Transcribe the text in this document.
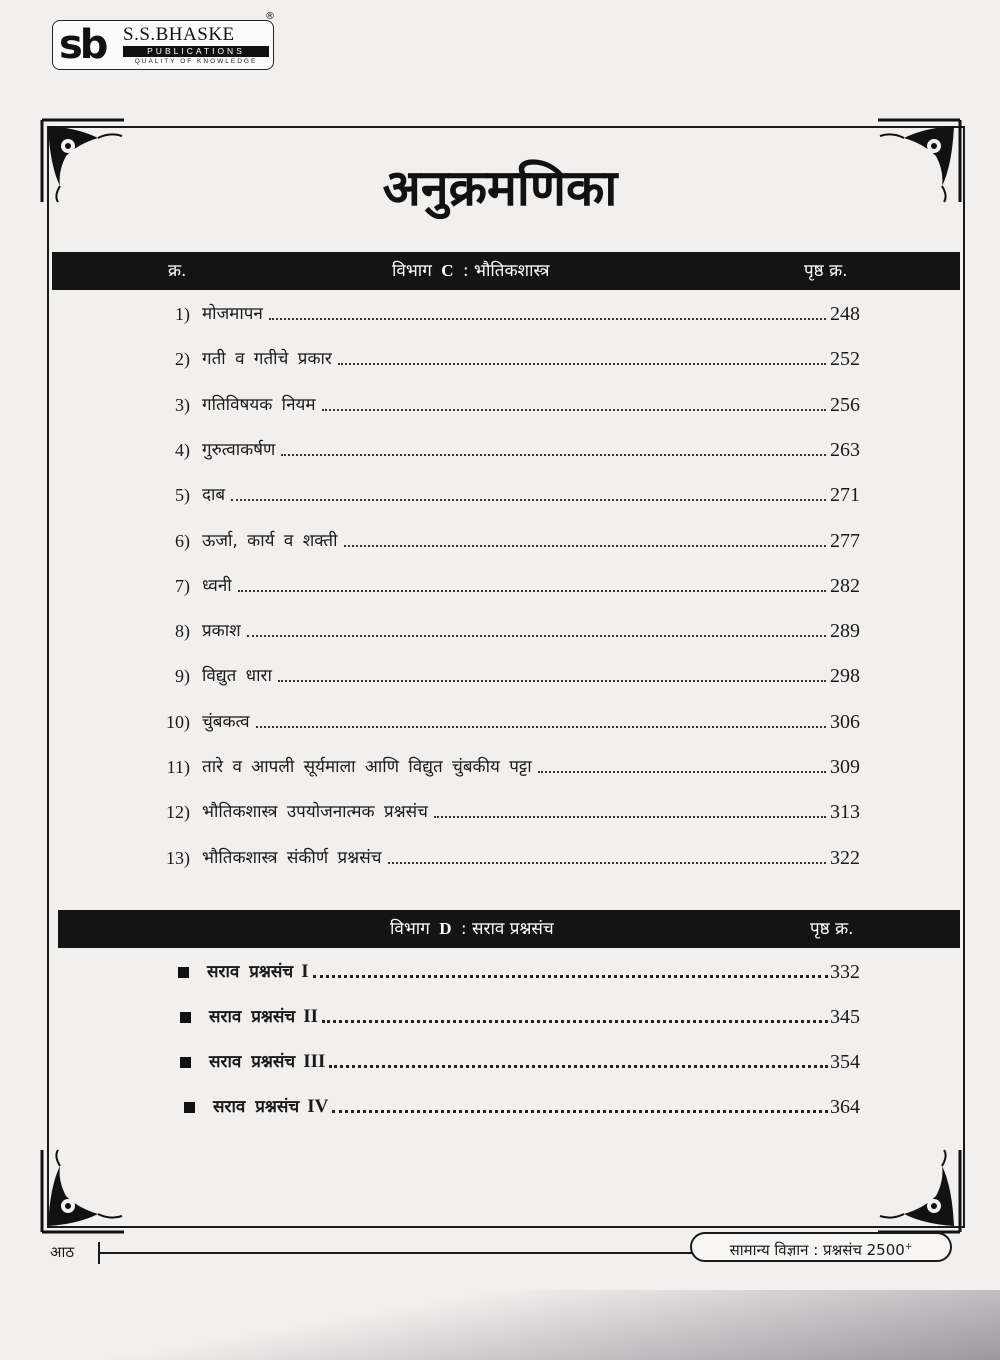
sb S.S.BHASKE
PUBLICATIONS
QUALITY OF KNOWLEDGE
®
अनुक्रमणिका
क्र.	विभाग C : भौतिकशास्त्र	पृष्ठ क्र.
1) मोजमापन	248
2) गती व गतीचे प्रकार	252
3) गतिविषयक नियम	256
4) गुरुत्वाकर्षण	263
5) दाब	271
6) ऊर्जा, कार्य व शक्ती	277
7) ध्वनी	282
8) प्रकाश	289
9) विद्युत धारा	298
10) चुंबकत्व	306
11) तारे व आपली सूर्यमाला आणि विद्युत चुंबकीय पट्टा	309
12) भौतिकशास्त्र उपयोजनात्मक प्रश्नसंच	313
13) भौतिकशास्त्र संकीर्ण प्रश्नसंच	322
विभाग D : सराव प्रश्नसंच	पृष्ठ क्र.
सराव प्रश्नसंच I	332
सराव प्रश्नसंच II	345
सराव प्रश्नसंच III	354
सराव प्रश्नसंच IV	364
आठ	सामान्य विज्ञान : प्रश्नसंच 2500+
